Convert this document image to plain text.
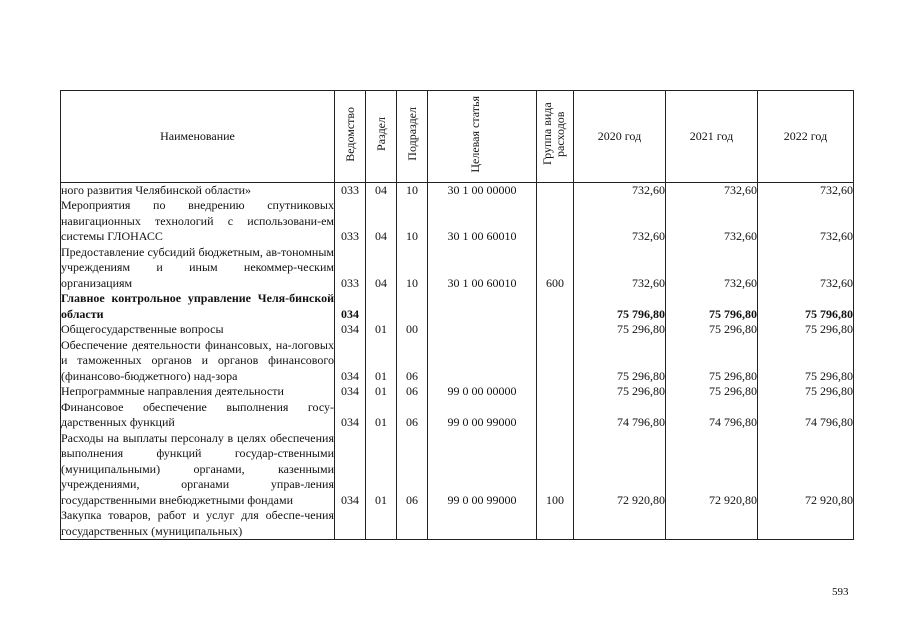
Наименование	Ведомство	Раздел	Подраздел	Целевая статья	Группа вида расходов	2020 год	2021 год	2022 год
ного развития Челябинской области»	033	04	10	30 1 00 00000		732,60	732,60	732,60
Мероприятия по внедрению спутниковых навигационных технологий с использовани-ем системы ГЛОНАСС	033	04	10	30 1 00 60010		732,60	732,60	732,60
Предоставление субсидий бюджетным, ав-тономным учреждениям и иным некоммер-ческим организациям	033	04	10	30 1 00 60010	600	732,60	732,60	732,60
Главное контрольное управление Челя-бинской области	034					75 796,80	75 796,80	75 796,80
Общегосударственные вопросы	034	01	00			75 296,80	75 296,80	75 296,80
Обеспечение деятельности финансовых, на-логовых и таможенных органов и органов финансового (финансово-бюджетного) над-зора	034	01	06			75 296,80	75 296,80	75 296,80
Непрограммные направления деятельности	034	01	06	99 0 00 00000		75 296,80	75 296,80	75 296,80
Финансовое обеспечение выполнения госу-дарственных функций	034	01	06	99 0 00 99000		74 796,80	74 796,80	74 796,80
Расходы на выплаты персоналу в целях обеспечения выполнения функций государ-ственными (муниципальными) органами, казенными учреждениями, органами управ-ления государственными внебюджетными фондами	034	01	06	99 0 00 99000	100	72 920,80	72 920,80	72 920,80
Закупка товаров, работ и услуг для обеспе-чения государственных (муниципальных)								
593
